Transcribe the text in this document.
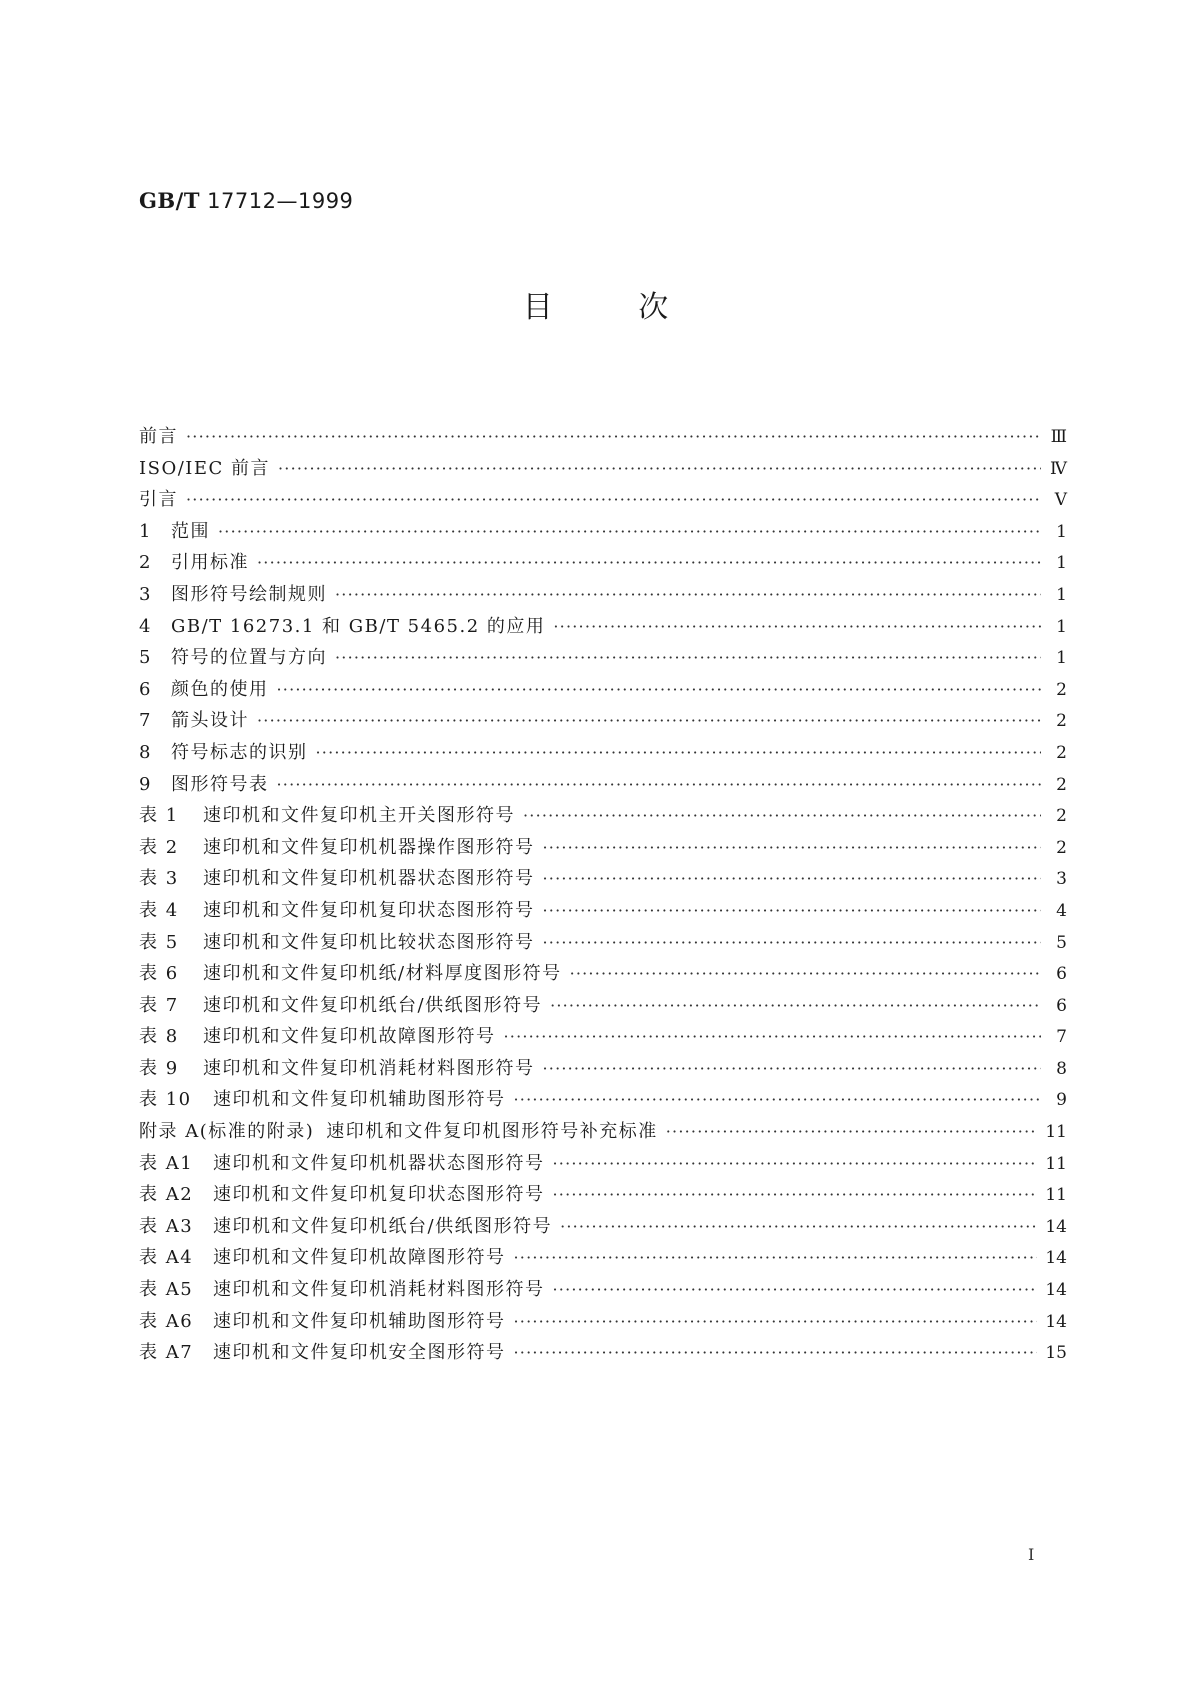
GB/T 17712—1999
目	次
前言 ·····	Ⅲ
ISO/IEC 前言 ·····	Ⅳ
引言 ·····	Ⅴ
1 范围 ·····	1
2 引用标准 ·····	1
3 图形符号绘制规则 ·····	1
4 GB/T 16273.1 和 GB/T 5465.2 的应用 ·····	1
5 符号的位置与方向 ·····	1
6 颜色的使用 ·····	2
7 箭头设计 ·····	2
8 符号标志的识别 ·····	2
9 图形符号表 ·····	2
表 1 速印机和文件复印机主开关图形符号 ·····	2
表 2 速印机和文件复印机机器操作图形符号 ·····	2
表 3 速印机和文件复印机机器状态图形符号 ·····	3
表 4 速印机和文件复印机复印状态图形符号 ·····	4
表 5 速印机和文件复印机比较状态图形符号 ·····	5
表 6 速印机和文件复印机纸/材料厚度图形符号 ·····	6
表 7 速印机和文件复印机纸台/供纸图形符号 ·····	6
表 8 速印机和文件复印机故障图形符号 ·····	7
表 9 速印机和文件复印机消耗材料图形符号 ·····	8
表 10 速印机和文件复印机辅助图形符号 ·····	9
附录 A(标准的附录) 速印机和文件复印机图形符号补充标准 ·····	11
表 A1 速印机和文件复印机机器状态图形符号 ·····	11
表 A2 速印机和文件复印机复印状态图形符号 ·····	11
表 A3 速印机和文件复印机纸台/供纸图形符号 ·····	14
表 A4 速印机和文件复印机故障图形符号 ·····	14
表 A5 速印机和文件复印机消耗材料图形符号 ·····	14
表 A6 速印机和文件复印机辅助图形符号 ·····	14
表 A7 速印机和文件复印机安全图形符号 ·····	15
I
